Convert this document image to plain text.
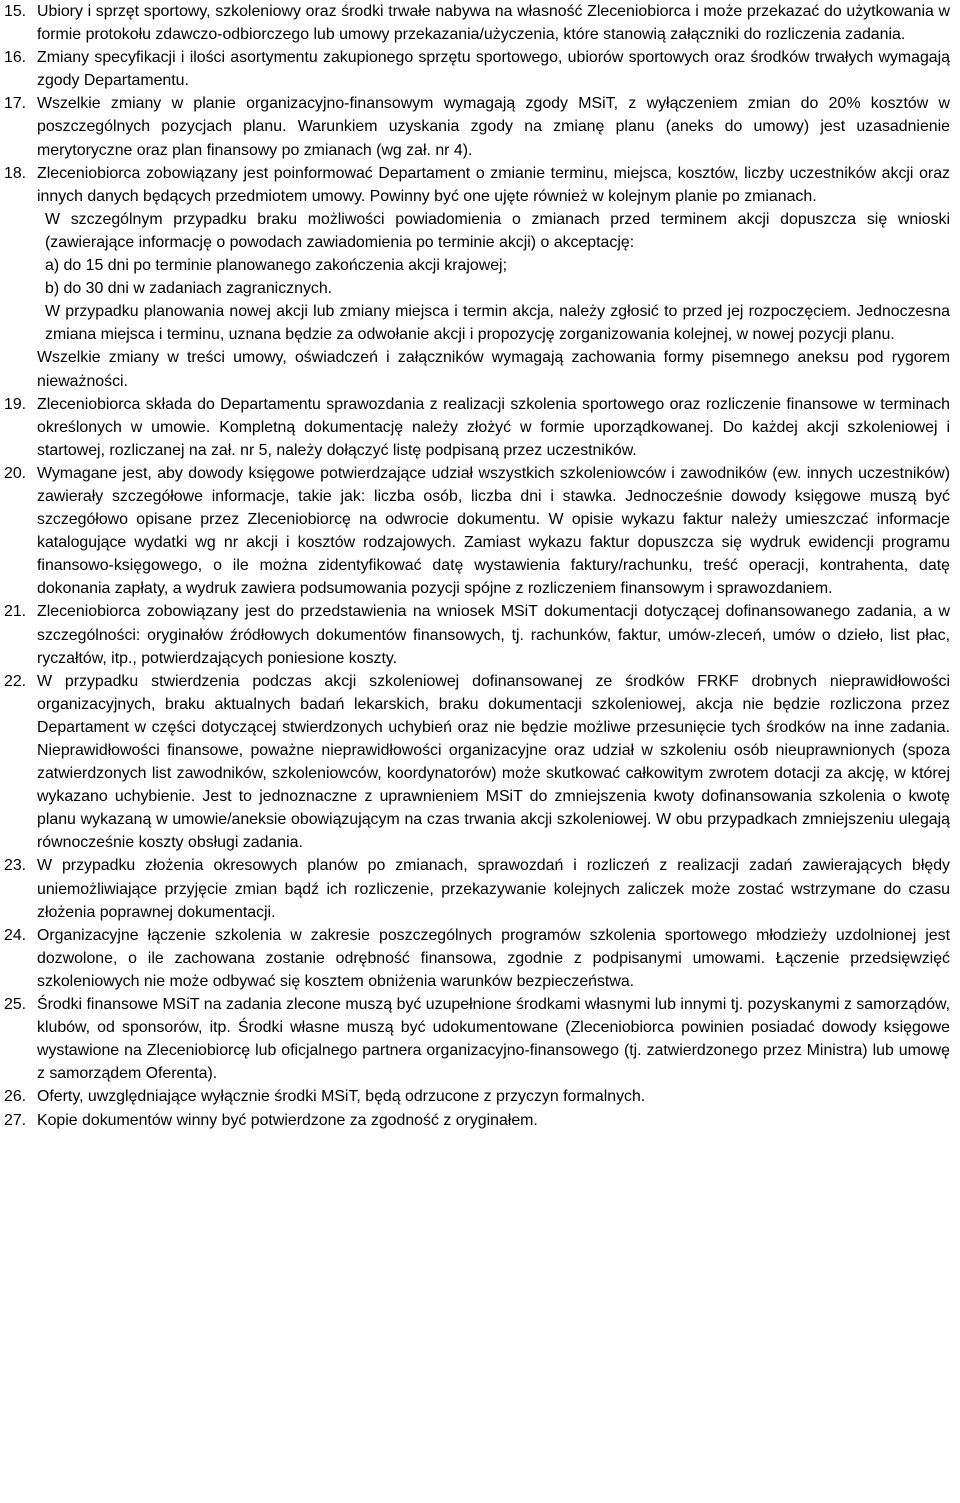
15. Ubiory i sprzęt sportowy, szkoleniowy oraz środki trwałe nabywa na własność Zleceniobiorca i może przekazać do użytkowania w formie protokołu zdawczo-odbiorczego lub umowy przekazania/użyczenia, które stanowią załączniki do rozliczenia zadania.

16. Zmiany specyfikacji i ilości asortymentu zakupionego sprzętu sportowego, ubiorów sportowych oraz środków trwałych wymagają zgody Departamentu.

17. Wszelkie zmiany w planie organizacyjno-finansowym wymagają zgody MSiT, z wyłączeniem zmian do 20% kosztów w poszczególnych pozycjach planu. Warunkiem uzyskania zgody na zmianę planu (aneks do umowy) jest uzasadnienie merytoryczne oraz plan finansowy po zmianach (wg zał. nr 4).

18. Zleceniobiorca zobowiązany jest poinformować Departament o zmianie terminu, miejsca, kosztów, liczby uczestników akcji oraz innych danych będących przedmiotem umowy. Powinny być one ujęte również w kolejnym planie po zmianach.

W szczególnym przypadku braku możliwości powiadomienia o zmianach przed terminem akcji dopuszcza się wnioski (zawierające informację o powodach zawiadomienia po terminie akcji) o akceptację:

a) do 15 dni po terminie planowanego zakończenia akcji krajowej;

b) do 30 dni w zadaniach zagranicznych.

W przypadku planowania nowej akcji lub zmiany miejsca i termin akcja, należy zgłosić to przed jej rozpoczęciem. Jednoczesna zmiana miejsca i terminu, uznana będzie za odwołanie akcji i propozycję zorganizowania kolejnej, w nowej pozycji planu.

Wszelkie zmiany w treści umowy, oświadczeń i załączników wymagają zachowania formy pisemnego aneksu pod rygorem nieważności.

19. Zleceniobiorca składa do Departamentu sprawozdania z realizacji szkolenia sportowego oraz rozliczenie finansowe w terminach określonych w umowie. Kompletną dokumentację należy złożyć w formie uporządkowanej. Do każdej akcji szkoleniowej i startowej, rozliczanej na zał. nr 5, należy dołączyć listę podpisaną przez uczestników.

20. Wymagane jest, aby dowody księgowe potwierdzające udział wszystkich szkoleniowców i zawodników (ew. innych uczestników) zawierały szczegółowe informacje, takie jak: liczba osób, liczba dni i stawka. Jednocześnie dowody księgowe muszą być szczegółowo opisane przez Zleceniobiorcę na odwrocie dokumentu. W opisie wykazu faktur należy umieszczać informacje katalogujące wydatki wg nr akcji i kosztów rodzajowych. Zamiast wykazu faktur dopuszcza się wydruk ewidencji programu finansowo-księgowego, o ile można zidentyfikować datę wystawienia faktury/rachunku, treść operacji, kontrahenta, datę dokonania zapłaty, a wydruk zawiera podsumowania pozycji spójne z rozliczeniem finansowym i sprawozdaniem.

21. Zleceniobiorca zobowiązany jest do przedstawienia na wniosek MSiT dokumentacji dotyczącej dofinansowanego zadania, a w szczególności: oryginałów źródłowych dokumentów finansowych, tj. rachunków, faktur, umów-zleceń, umów o dzieło, list płac, ryczałtów, itp., potwierdzających poniesione koszty.

22. W przypadku stwierdzenia podczas akcji szkoleniowej dofinansowanej ze środków FRKF drobnych nieprawidłowości organizacyjnych, braku aktualnych badań lekarskich, braku dokumentacji szkoleniowej, akcja nie będzie rozliczona przez Departament w części dotyczącej stwierdzonych uchybień oraz nie będzie możliwe przesunięcie tych środków na inne zadania. Nieprawidłowości finansowe, poważne nieprawidłowości organizacyjne oraz udział w szkoleniu osób nieuprawnionych (spoza zatwierdzonych list zawodników, szkoleniowców, koordynatorów) może skutkować całkowitym zwrotem dotacji za akcję, w której wykazano uchybienie. Jest to jednoznaczne z uprawnieniem MSiT do zmniejszenia kwoty dofinansowania szkolenia o kwotę planu wykazaną w umowie/aneksie obowiązującym na czas trwania akcji szkoleniowej. W obu przypadkach zmniejszeniu ulegają równocześnie koszty obsługi zadania.

23. W przypadku złożenia okresowych planów po zmianach, sprawozdań i rozliczeń z realizacji zadań zawierających błędy uniemożliwiające przyjęcie zmian bądź ich rozliczenie, przekazywanie kolejnych zaliczek może zostać wstrzymane do czasu złożenia poprawnej dokumentacji.

24. Organizacyjne łączenie szkolenia w zakresie poszczególnych programów szkolenia sportowego młodzieży uzdolnionej jest dozwolone, o ile zachowana zostanie odrębność finansowa, zgodnie z podpisanymi umowami. Łączenie przedsięwzięć szkoleniowych nie może odbywać się kosztem obniżenia warunków bezpieczeństwa.

25. Środki finansowe MSiT na zadania zlecone muszą być uzupełnione środkami własnymi lub innymi tj. pozyskanymi z samorządów, klubów, od sponsorów, itp. Środki własne muszą być udokumentowane (Zleceniobiorca powinien posiadać dowody księgowe wystawione na Zleceniobiorcę lub oficjalnego partnera organizacyjno-finansowego (tj. zatwierdzonego przez Ministra) lub umowę z samorządem Oferenta).

26. Oferty, uwzględniające wyłącznie środki MSiT, będą odrzucone z przyczyn formalnych.

27. Kopie dokumentów winny być potwierdzone za zgodność z oryginałem.
